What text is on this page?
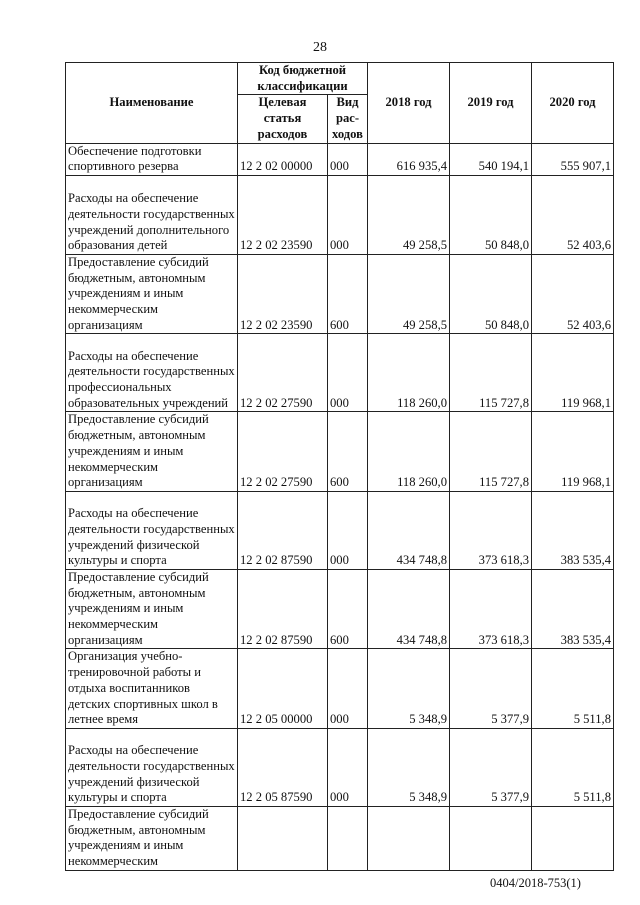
28
Наименование	Код бюджетной классификации		2018 год	2019 год	2020 год
	Целевая статья расходов	Вид рас-ходов			
Обеспечение подготовки спортивного резерва	12 2 02 00000	000	616 935,4	540 194,1	555 907,1
Расходы на обеспечение деятельности государственных учреждений дополнительного образования детей	12 2 02 23590	000	49 258,5	50 848,0	52 403,6
Предоставление субсидий бюджетным, автономным учреждениям и иным некоммерческим организациям	12 2 02 23590	600	49 258,5	50 848,0	52 403,6
Расходы на обеспечение деятельности государственных профессиональных образовательных учреждений	12 2 02 27590	000	118 260,0	115 727,8	119 968,1
Предоставление субсидий бюджетным, автономным учреждениям и иным некоммерческим организациям	12 2 02 27590	600	118 260,0	115 727,8	119 968,1
Расходы на обеспечение деятельности государственных учреждений физической культуры и спорта	12 2 02 87590	000	434 748,8	373 618,3	383 535,4
Предоставление субсидий бюджетным, автономным учреждениям и иным некоммерческим организациям	12 2 02 87590	600	434 748,8	373 618,3	383 535,4
Организация учебно-тренировочной работы и отдыха воспитанников детских спортивных школ в летнее время	12 2 05 00000	000	5 348,9	5 377,9	5 511,8
Расходы на обеспечение деятельности государственных учреждений физической культуры и спорта	12 2 05 87590	000	5 348,9	5 377,9	5 511,8
Предоставление субсидий бюджетным, автономным учреждениям и иным некоммерческим					
0404/2018-753(1)
